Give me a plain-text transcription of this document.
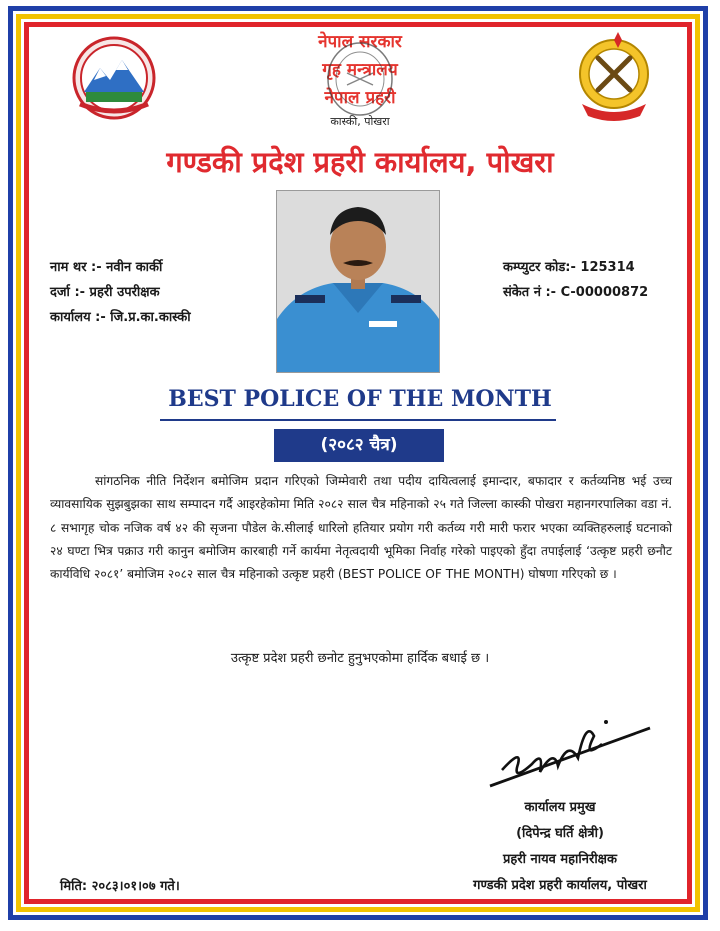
नेपाल सरकार
गृह मन्त्रालय
नेपाल प्रहरी
कास्की, पोखरा
गण्डकी प्रदेश प्रहरी कार्यालय, पोखरा
नाम थर :- नवीन कार्की
दर्जा :- प्रहरी उपरीक्षक
कार्यालय :- जि.प्र.का.कास्की
कम्प्युटर कोड:- 125314
संकेत नं :- C-00000872
BEST POLICE OF THE MONTH
(२०८२ चैत्र)
सांगठनिक नीति निर्देशन बमोजिम प्रदान गरिएको जिम्मेवारी तथा पदीय दायित्वलाई इमान्दार, बफादार र कर्तव्यनिष्ठ भई उच्च व्यावसायिक सुझबुझका साथ सम्पादन गर्दै आइरहेकोमा मिति २०८२ साल चैत्र महिनाको २५ गते जिल्ला कास्की पोखरा महानगरपालिका वडा नं. ८ सभागृह चोक नजिक वर्ष ४२ की सृजना पौडेल के.सीलाई धारिलो हतियार प्रयोग गरी कर्तव्य गरी मारी फरार भएका व्यक्तिहरुलाई घटनाको २४ घण्टा भित्र पक्राउ गरी कानुन बमोजिम कारबाही गर्ने कार्यमा नेतृत्वदायी भूमिका निर्वाह गरेको पाइएको हुँदा तपाईलाई ‘उत्कृष्ट प्रहरी छनौट कार्यविधि २०८१’ बमोजिम २०८२ साल चैत्र महिनाको उत्कृष्ट प्रहरी (BEST POLICE OF THE MONTH) घोषणा गरिएको छ ।
उत्कृष्ट प्रदेश प्रहरी छनोट हुनुभएकोमा हार्दिक बधाई छ ।
कार्यालय प्रमुख
(दिपेन्द्र घर्ति क्षेत्री)
प्रहरी नायव महानिरीक्षक
गण्डकी प्रदेश प्रहरी कार्यालय, पोखरा
मिति: २०८३।०१।०७ गते।
